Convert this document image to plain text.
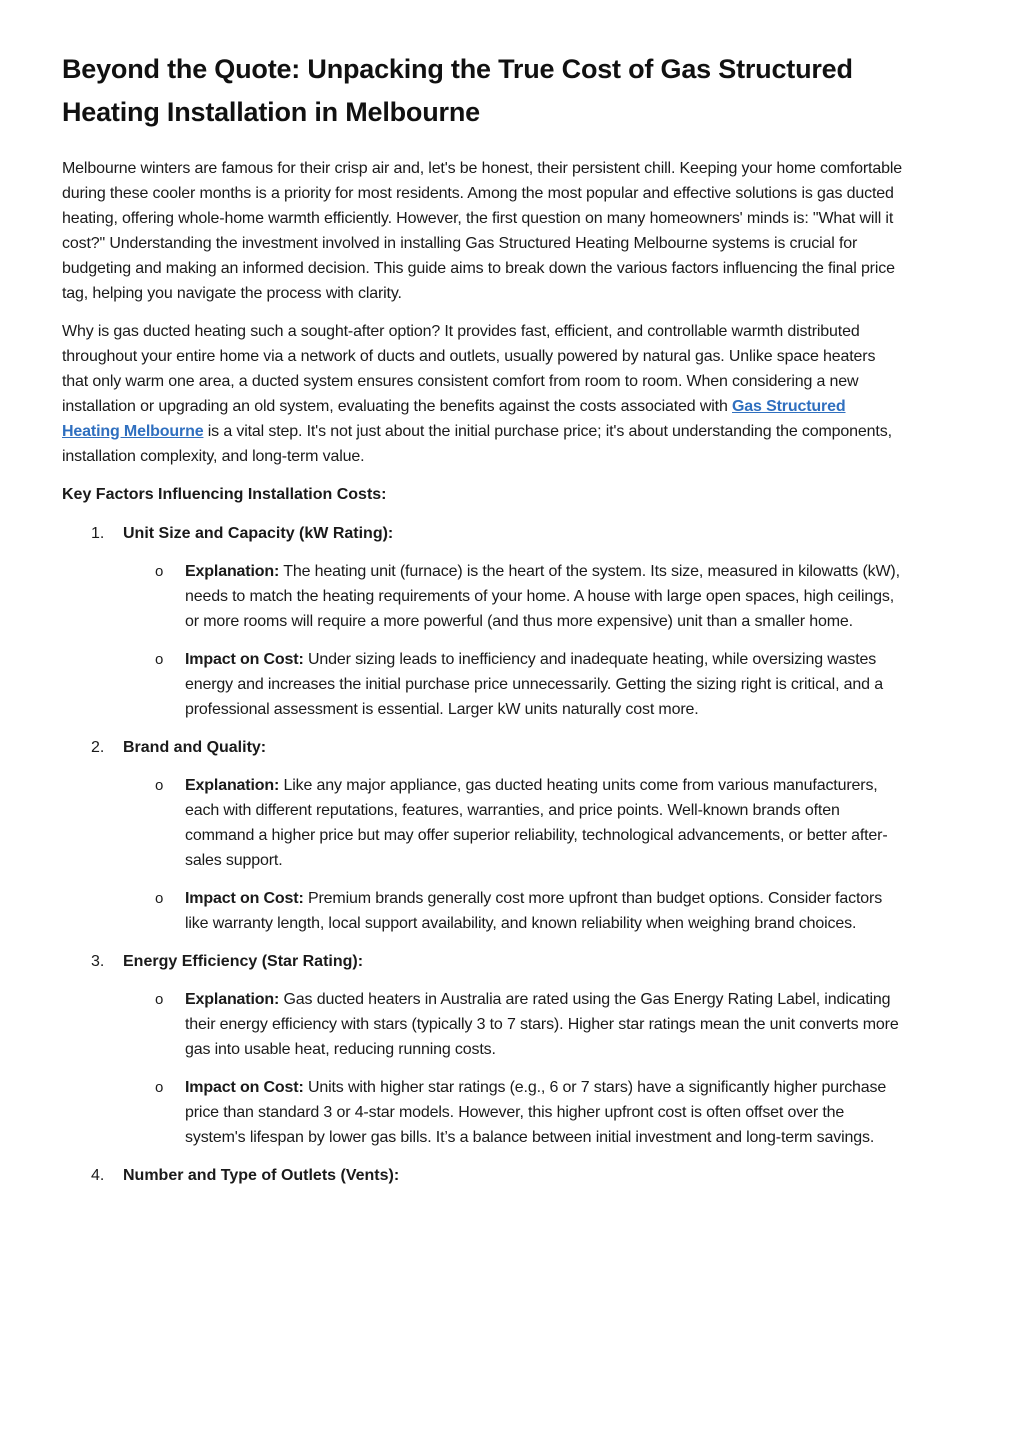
Beyond the Quote: Unpacking the True Cost of Gas Structured Heating Installation in Melbourne

Melbourne winters are famous for their crisp air and, let's be honest, their persistent chill. Keeping your home comfortable during these cooler months is a priority for most residents. Among the most popular and effective solutions is gas ducted heating, offering whole-home warmth efficiently. However, the first question on many homeowners' minds is: "What will it cost?" Understanding the investment involved in installing Gas Structured Heating Melbourne systems is crucial for budgeting and making an informed decision. This guide aims to break down the various factors influencing the final price tag, helping you navigate the process with clarity.

Why is gas ducted heating such a sought-after option? It provides fast, efficient, and controllable warmth distributed throughout your entire home via a network of ducts and outlets, usually powered by natural gas. Unlike space heaters that only warm one area, a ducted system ensures consistent comfort from room to room. When considering a new installation or upgrading an old system, evaluating the benefits against the costs associated with Gas Structured Heating Melbourne is a vital step. It's not just about the initial purchase price; it's about understanding the components, installation complexity, and long-term value.

Key Factors Influencing Installation Costs:
1. Unit Size and Capacity (kW Rating):
o Explanation: The heating unit (furnace) is the heart of the system. Its size, measured in kilowatts (kW), needs to match the heating requirements of your home. A house with large open spaces, high ceilings, or more rooms will require a more powerful (and thus more expensive) unit than a smaller home.
o Impact on Cost: Under sizing leads to inefficiency and inadequate heating, while oversizing wastes energy and increases the initial purchase price unnecessarily. Getting the sizing right is critical, and a professional assessment is essential. Larger kW units naturally cost more.
2. Brand and Quality:
o Explanation: Like any major appliance, gas ducted heating units come from various manufacturers, each with different reputations, features, warranties, and price points. Well-known brands often command a higher price but may offer superior reliability, technological advancements, or better after-sales support.
o Impact on Cost: Premium brands generally cost more upfront than budget options. Consider factors like warranty length, local support availability, and known reliability when weighing brand choices.
3. Energy Efficiency (Star Rating):
o Explanation: Gas ducted heaters in Australia are rated using the Gas Energy Rating Label, indicating their energy efficiency with stars (typically 3 to 7 stars). Higher star ratings mean the unit converts more gas into usable heat, reducing running costs.
o Impact on Cost: Units with higher star ratings (e.g., 6 or 7 stars) have a significantly higher purchase price than standard 3 or 4-star models. However, this higher upfront cost is often offset over the system's lifespan by lower gas bills. It’s a balance between initial investment and long-term savings.
4. Number and Type of Outlets (Vents):
